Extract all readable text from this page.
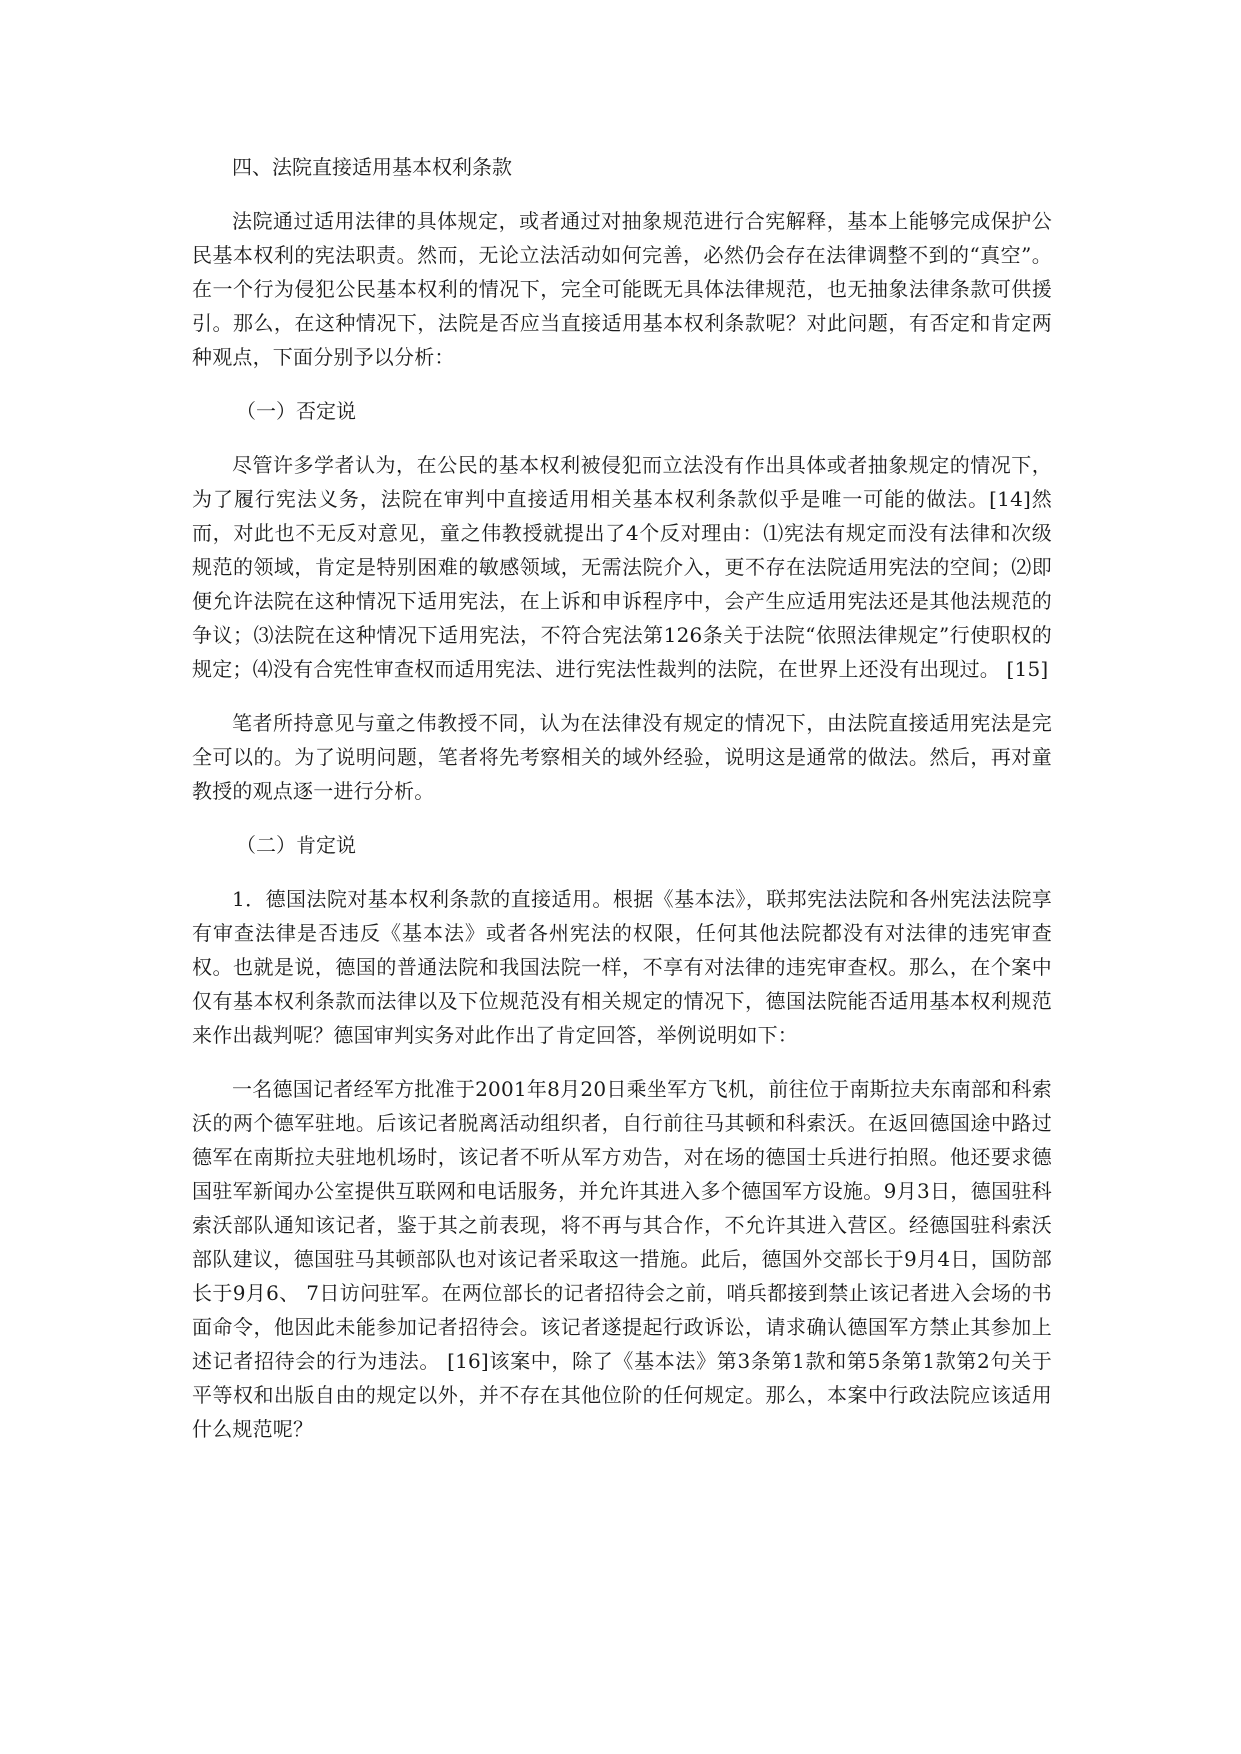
四、法院直接适用基本权利条款

法院通过适用法律的具体规定，或者通过对抽象规范进行合宪解释，基本上能够完成保护公民基本权利的宪法职责。然而，无论立法活动如何完善，必然仍会存在法律调整不到的“真空”。在一个行为侵犯公民基本权利的情况下，完全可能既无具体法律规范，也无抽象法律条款可供援引。那么，在这种情况下，法院是否应当直接适用基本权利条款呢？对此问题，有否定和肯定两种观点，下面分别予以分析：

（一）否定说

尽管许多学者认为，在公民的基本权利被侵犯而立法没有作出具体或者抽象规定的情况下，为了履行宪法义务，法院在审判中直接适用相关基本权利条款似乎是唯一可能的做法。[14]然而，对此也不无反对意见，童之伟教授就提出了4个反对理由：⑴宪法有规定而没有法律和次级规范的领域，肯定是特别困难的敏感领域，无需法院介入，更不存在法院适用宪法的空间；⑵即便允许法院在这种情况下适用宪法，在上诉和申诉程序中，会产生应适用宪法还是其他法规范的争议；⑶法院在这种情况下适用宪法，不符合宪法第126条关于法院“依照法律规定”行使职权的规定；⑷没有合宪性审查权而适用宪法、进行宪法性裁判的法院，在世界上还没有出现过。 [15]

笔者所持意见与童之伟教授不同，认为在法律没有规定的情况下，由法院直接适用宪法是完全可以的。为了说明问题，笔者将先考察相关的域外经验，说明这是通常的做法。然后，再对童教授的观点逐一进行分析。

（二）肯定说

1．德国法院对基本权利条款的直接适用。根据《基本法》，联邦宪法法院和各州宪法法院享有审查法律是否违反《基本法》或者各州宪法的权限，任何其他法院都没有对法律的违宪审查权。也就是说，德国的普通法院和我国法院一样，不享有对法律的违宪审查权。那么，在个案中仅有基本权利条款而法律以及下位规范没有相关规定的情况下，德国法院能否适用基本权利规范来作出裁判呢？德国审判实务对此作出了肯定回答，举例说明如下：

一名德国记者经军方批准于2001年8月20日乘坐军方飞机，前往位于南斯拉夫东南部和科索沃的两个德军驻地。后该记者脱离活动组织者，自行前往马其顿和科索沃。在返回德国途中路过德军在南斯拉夫驻地机场时，该记者不听从军方劝告，对在场的德国士兵进行拍照。他还要求德国驻军新闻办公室提供互联网和电话服务，并允许其进入多个德国军方设施。9月3日，德国驻科索沃部队通知该记者，鉴于其之前表现，将不再与其合作，不允许其进入营区。经德国驻科索沃部队建议，德国驻马其顿部队也对该记者采取这一措施。此后，德国外交部长于9月4日，国防部长于9月6、 7日访问驻军。在两位部长的记者招待会之前，哨兵都接到禁止该记者进入会场的书面命令，他因此未能参加记者招待会。该记者遂提起行政诉讼，请求确认德国军方禁止其参加上述记者招待会的行为违法。 [16]该案中，除了《基本法》第3条第1款和第5条第1款第2句关于平等权和出版自由的规定以外，并不存在其他位阶的任何规定。那么，本案中行政法院应该适用什么规范呢？
